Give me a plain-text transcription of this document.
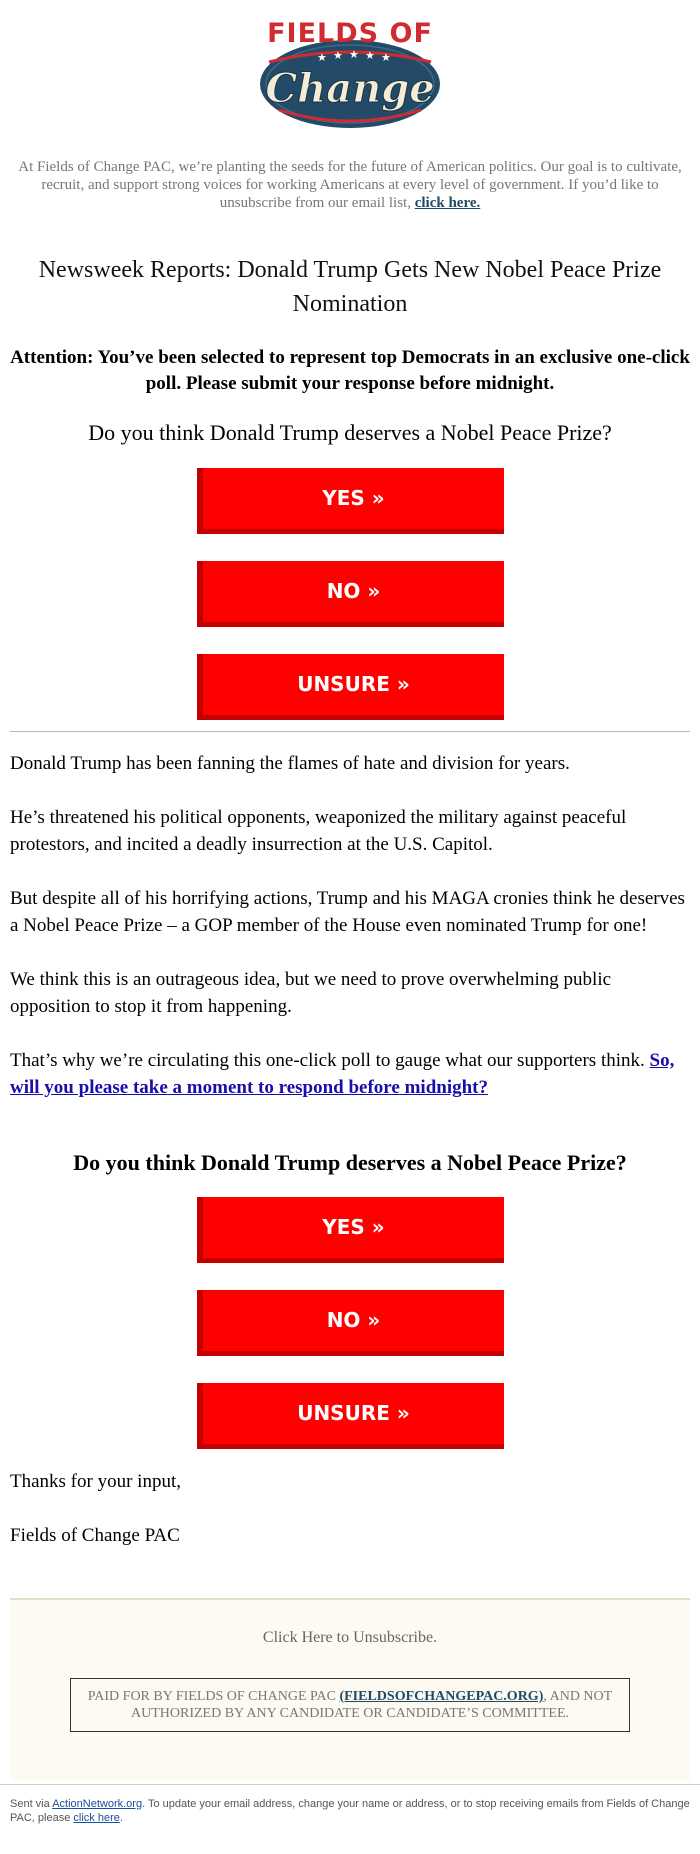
★ ★ ★ ★ ★
FIELDS OF
Change
At Fields of Change PAC, we’re planting the seeds for the future of American politics. Our goal is to cultivate, recruit, and support strong voices for working Americans at every level of government. If you’d like to unsubscribe from our email list, click here.
Newsweek Reports: Donald Trump Gets New Nobel Peace Prize Nomination
Attention: You’ve been selected to represent top Democrats in an exclusive one-click poll. Please submit your response before midnight.
Do you think Donald Trump deserves a Nobel Peace Prize?
YES »
NO »
UNSURE »

Donald Trump has been fanning the flames of hate and division for years.

He’s threatened his political opponents, weaponized the military against peaceful protestors, and incited a deadly insurrection at the U.S. Capitol.

But despite all of his horrifying actions, Trump and his MAGA cronies think he deserves a Nobel Peace Prize – a GOP member of the House even nominated Trump for one!

We think this is an outrageous idea, but we need to prove overwhelming public opposition to stop it from happening.

That’s why we’re circulating this one-click poll to gauge what our supporters think. So, will you please take a moment to respond before midnight?

Do you think Donald Trump deserves a Nobel Peace Prize?
YES »
NO »
UNSURE »
Thanks for your input,
Fields of Change PAC
Click Here to Unsubscribe.
PAID FOR BY FIELDS OF CHANGE PAC (FIELDSOFCHANGEPAC.ORG), AND NOT AUTHORIZED BY ANY CANDIDATE OR CANDIDATE’S COMMITTEE.
Sent via ActionNetwork.org. To update your email address, change your name or address, or to stop receiving emails from Fields of Change PAC, please click here.
